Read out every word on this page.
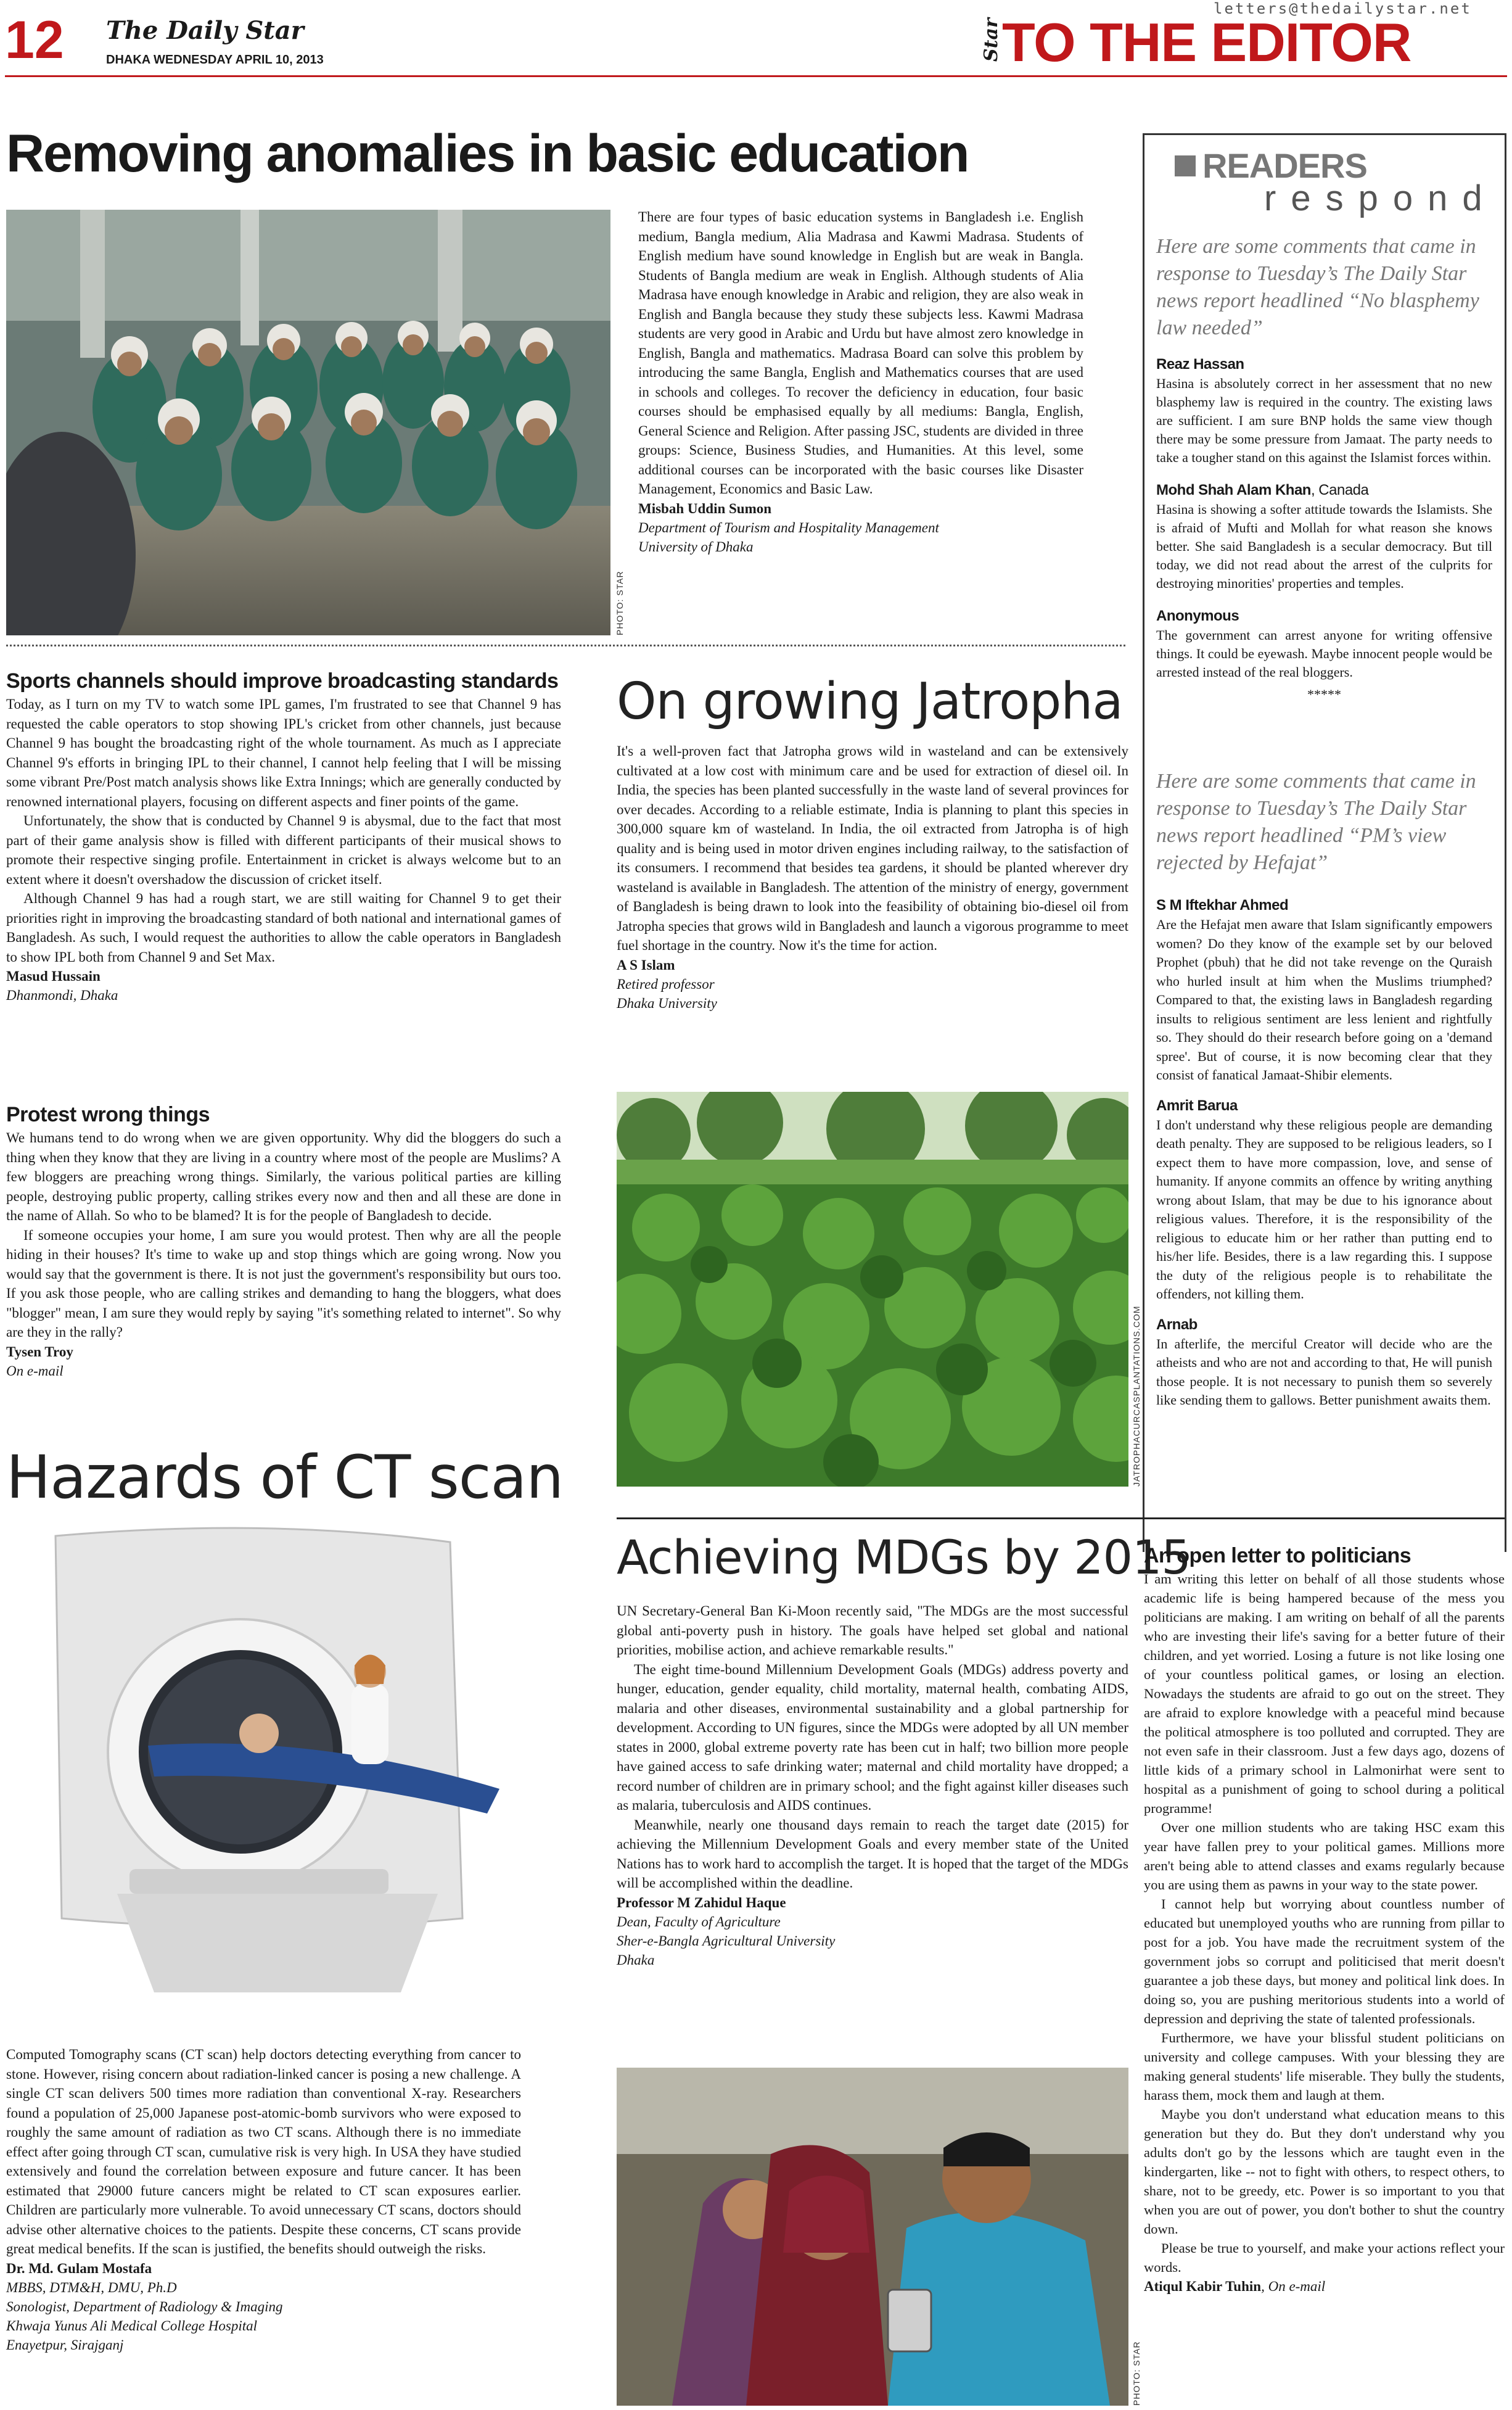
12 The Daily Star
DHAKA WEDNESDAY APRIL 10, 2013
letters@thedailystar.net
Star TO THE EDITOR
Removing anomalies in basic education
PHOTO: STAR

There are four types of basic education systems in Bangladesh i.e. English medium, Bangla medium, Alia Madrasa and Kawmi Madrasa. Students of English medium have sound knowledge in English but are weak in Bangla. Students of Bangla medium are weak in English. Although students of Alia Madrasa have enough knowledge in Arabic and religion, they are also weak in English and Bangla because they study these subjects less. Kawmi Madrasa students are very good in Arabic and Urdu but have almost zero knowledge in English, Bangla and mathematics. Madrasa Board can solve this problem by introducing the same Bangla, English and Mathematics courses that are used in schools and colleges. To recover the deficiency in education, four basic courses should be emphasised equally by all mediums: Bangla, English, General Science and Religion. After passing JSC, students are divided in three groups: Science, Business Studies, and Humanities. At this level, some additional courses can be incorporated with the basic courses like Disaster Management, Economics and Basic Law.

Misbah Uddin Sumon
Department of Tourism and Hospitality Management
University of Dhaka
READERS
respond
Here are some comments that came in response to Tuesday’s The Daily Star news report headlined “No blasphemy law needed”
Reaz Hassan
Hasina is absolutely correct in her assessment that no new blasphemy law is required in the country. The existing laws are sufficient. I am sure BNP holds the same view though there may be some pressure from Jamaat. The party needs to take a tougher stand on this against the Islamist forces within.
Mohd Shah Alam Khan, Canada
Hasina is showing a softer attitude towards the Islamists. She is afraid of Mufti and Mollah for what reason she knows better. She said Bangladesh is a secular democracy. But till today, we did not read about the arrest of the culprits for destroying minorities' properties and temples.
Anonymous
The government can arrest anyone for writing offensive things. It could be eyewash. Maybe innocent people would be arrested instead of the real bloggers.
*****
Here are some comments that came in response to Tuesday’s The Daily Star news report headlined “PM’s view rejected by Hefajat”
S M Iftekhar Ahmed
Are the Hefajat men aware that Islam significantly empowers women? Do they know of the example set by our beloved Prophet (pbuh) that he did not take revenge on the Quraish who hurled insult at him when the Muslims triumphed? Compared to that, the existing laws in Bangladesh regarding insults to religious sentiment are less lenient and rightfully so. They should do their research before going on a 'demand spree'. But of course, it is now becoming clear that they consist of fanatical Jamaat-Shibir elements.
Amrit Barua
I don't understand why these religious people are demanding death penalty. They are supposed to be religious leaders, so I expect them to have more compassion, love, and sense of humanity. If anyone commits an offence by writing anything wrong about Islam, that may be due to his ignorance about religious values. Therefore, it is the responsibility of the religious to educate him or her rather than putting end to his/her life. Besides, there is a law regarding this. I suppose the duty of the religious people is to rehabilitate the offenders, not killing them.
Arnab
In afterlife, the merciful Creator will decide who are the atheists and who are not and according to that, He will punish those people. It is not necessary to punish them so severely like sending them to gallows. Better punishment awaits them.
Sports channels should improve broadcasting standards

Today, as I turn on my TV to watch some IPL games, I'm frustrated to see that Channel 9 has requested the cable operators to stop showing IPL's cricket from other channels, just because Channel 9 has bought the broadcasting right of the whole tournament. As much as I appreciate Channel 9's efforts in bringing IPL to their channel, I cannot help feeling that I will be missing some vibrant Pre/Post match analysis shows like Extra Innings; which are generally conducted by renowned international players, focusing on different aspects and finer points of the game.

Unfortunately, the show that is conducted by Channel 9 is abysmal, due to the fact that most part of their game analysis show is filled with different participants of their musical shows to promote their respective singing profile. Entertainment in cricket is always welcome but to an extent where it doesn't overshadow the discussion of cricket itself.

Although Channel 9 has had a rough start, we are still waiting for Channel 9 to get their priorities right in improving the broadcasting standard of both national and international games of Bangladesh. As such, I would request the authorities to allow the cable operators in Bangladesh to show IPL both from Channel 9 and Set Max.

Masud Hussain
Dhanmondi, Dhaka
Protest wrong things

We humans tend to do wrong when we are given opportunity. Why did the bloggers do such a thing when they know that they are living in a country where most of the people are Muslims? A few bloggers are preaching wrong things. Similarly, the various political parties are killing people, destroying public property, calling strikes every now and then and all these are done in the name of Allah. So who to be blamed? It is for the people of Bangladesh to decide.

If someone occupies your home, I am sure you would protest. Then why are all the people hiding in their houses? It's time to wake up and stop things which are going wrong. Now you would say that the government is there. It is not just the government's responsibility but ours too. If you ask those people, who are calling strikes and demanding to hang the bloggers, what does "blogger" mean, I am sure they would reply by saying "it's something related to internet". So why are they in the rally?

Tysen Troy
On e-mail
On growing Jatropha

It's a well-proven fact that Jatropha grows wild in wasteland and can be extensively cultivated at a low cost with minimum care and be used for extraction of diesel oil. In India, the species has been planted successfully in the waste land of several provinces for over decades. According to a reliable estimate, India is planning to plant this species in 300,000 square km of wasteland. In India, the oil extracted from Jatropha is of high quality and is being used in motor driven engines including railway, to the satisfaction of its consumers. I recommend that besides tea gardens, it should be planted wherever dry wasteland is available in Bangladesh. The attention of the ministry of energy, government of Bangladesh is being drawn to look into the feasibility of obtaining bio-diesel oil from Jatropha species that grows wild in Bangladesh and launch a vigorous programme to meet fuel shortage in the country. Now it's the time for action.

A S Islam
Retired professor
Dhaka University
JATROPHACURCASPLANTATIONS.COM
Hazards of CT scan

Computed Tomography scans (CT scan) help doctors detecting everything from cancer to stone. However, rising concern about radiation-linked cancer is posing a new challenge. A single CT scan delivers 500 times more radiation than conventional X-ray. Researchers found a population of 25,000 Japanese post-atomic-bomb survivors who were exposed to roughly the same amount of radiation as two CT scans. Although there is no immediate effect after going through CT scan, cumulative risk is very high. In USA they have studied extensively and found the correlation between exposure and future cancer. It has been estimated that 29000 future cancers might be related to CT scan exposures earlier. Children are particularly more vulnerable. To avoid unnecessary CT scans, doctors should advise other alternative choices to the patients. Despite these concerns, CT scans provide great medical benefits. If the scan is justified, the benefits should outweigh the risks.

Dr. Md. Gulam Mostafa
MBBS, DTM&H, DMU, Ph.D
Sonologist, Department of Radiology & Imaging
Khwaja Yunus Ali Medical College Hospital
Enayetpur, Sirajganj
Achieving MDGs by 2015

UN Secretary-General Ban Ki-Moon recently said, "The MDGs are the most successful global anti-poverty push in history. The goals have helped set global and national priorities, mobilise action, and achieve remarkable results."

The eight time-bound Millennium Development Goals (MDGs) address poverty and hunger, education, gender equality, child mortality, maternal health, combating AIDS, malaria and other diseases, environmental sustainability and a global partnership for development. According to UN figures, since the MDGs were adopted by all UN member states in 2000, global extreme poverty rate has been cut in half; two billion more people have gained access to safe drinking water; maternal and child mortality have dropped; a record number of children are in primary school; and the fight against killer diseases such as malaria, tuberculosis and AIDS continues.

Meanwhile, nearly one thousand days remain to reach the target date (2015) for achieving the Millennium Development Goals and every member state of the United Nations has to work hard to accomplish the target. It is hoped that the target of the MDGs will be accomplished within the deadline.

Professor M Zahidul Haque
Dean, Faculty of Agriculture
Sher-e-Bangla Agricultural University
Dhaka
PHOTO: STAR
An open letter to politicians

I am writing this letter on behalf of all those students whose academic life is being hampered because of the mess you politicians are making. I am writing on behalf of all the parents who are investing their life's saving for a better future of their children, and yet worried. Losing a future is not like losing one of your countless political games, or losing an election. Nowadays the students are afraid to go out on the street. They are afraid to explore knowledge with a peaceful mind because the political atmosphere is too polluted and corrupted. They are not even safe in their classroom. Just a few days ago, dozens of little kids of a primary school in Lalmonirhat were sent to hospital as a punishment of going to school during a political programme!

Over one million students who are taking HSC exam this year have fallen prey to your political games. Millions more aren't being able to attend classes and exams regularly because you are using them as pawns in your way to the state power.

I cannot help but worrying about countless number of educated but unemployed youths who are running from pillar to post for a job. You have made the recruitment system of the government jobs so corrupt and politicised that merit doesn't guarantee a job these days, but money and political link does. In doing so, you are pushing meritorious students into a world of depression and depriving the state of talented professionals.

Furthermore, we have your blissful student politicians on university and college campuses. With your blessing they are making general students' life miserable. They bully the students, harass them, mock them and laugh at them.

Maybe you don't understand what education means to this generation but they do. But they don't understand why you adults don't go by the lessons which are taught even in the kindergarten, like -- not to fight with others, to respect others, to share, not to be greedy, etc. Power is so important to you that when you are out of power, you don't bother to shut the country down.

Please be true to yourself, and make your actions reflect your words.

Atiqul Kabir Tuhin, On e-mail
